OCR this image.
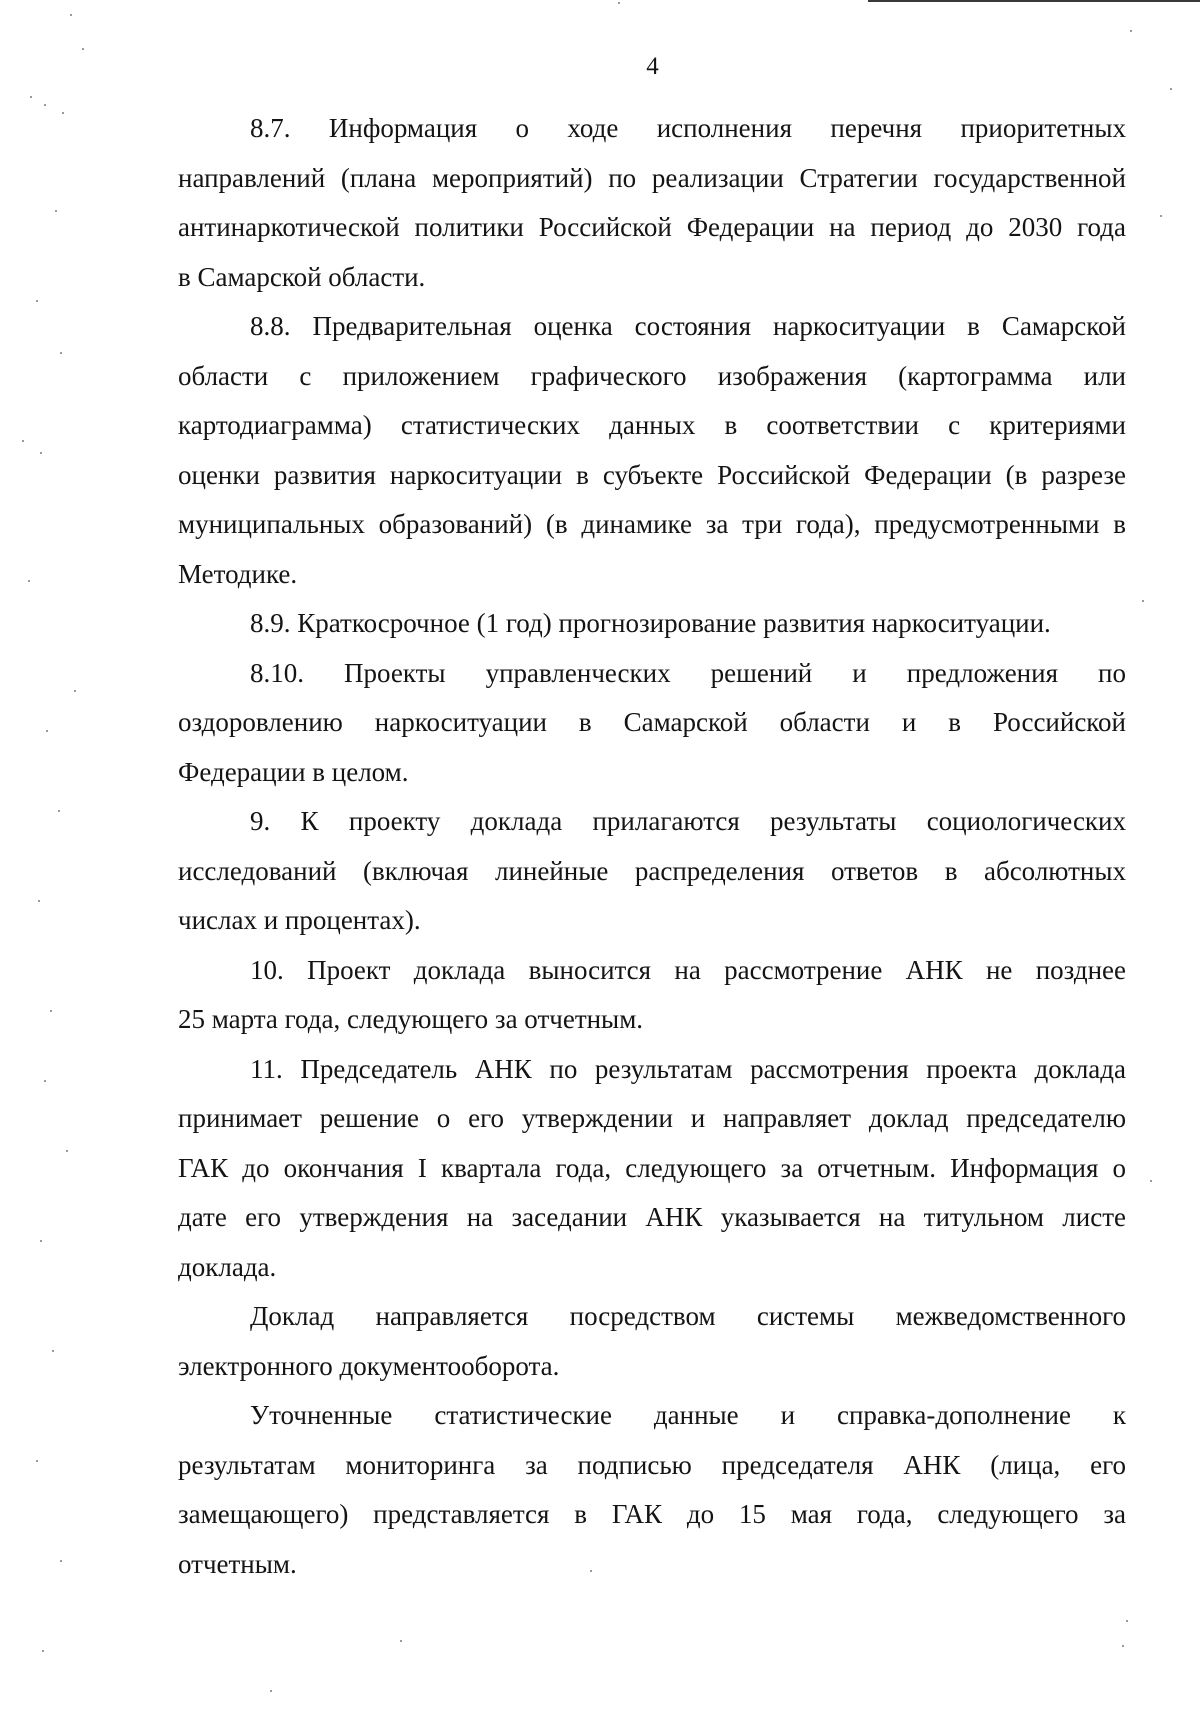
4

8.7. Информация о ходе исполнения перечня приоритетных
направлений (плана мероприятий) по реализации Стратегии государственной
антинаркотической политики Российской Федерации на период до 2030 года
в Самарской области.

8.8. Предварительная оценка состояния наркоситуации в Самарской
области с приложением графического изображения (картограмма или
картодиаграмма) статистических данных в соответствии с критериями
оценки развития наркоситуации в субъекте Российской Федерации (в разрезе
муниципальных образований) (в динамике за три года), предусмотренными в
Методике.

8.9. Краткосрочное (1 год) прогнозирование развития наркоситуации.

8.10. Проекты управленческих решений и предложения по
оздоровлению наркоситуации в Самарской области и в Российской
Федерации в целом.

9. К проекту доклада прилагаются результаты социологических
исследований (включая линейные распределения ответов в абсолютных
числах и процентах).

10. Проект доклада выносится на рассмотрение АНК не позднее
25 марта года, следующего за отчетным.

11. Председатель АНК по результатам рассмотрения проекта доклада
принимает решение о его утверждении и направляет доклад председателю
ГАК до окончания I квартала года, следующего за отчетным. Информация о
дате его утверждения на заседании АНК указывается на титульном листе
доклада.

Доклад направляется посредством системы межведомственного
электронного документооборота.

Уточненные статистические данные и справка-дополнение к
результатам мониторинга за подписью председателя АНК (лица, его
замещающего) представляется в ГАК до 15 мая года, следующего за
отчетным.
